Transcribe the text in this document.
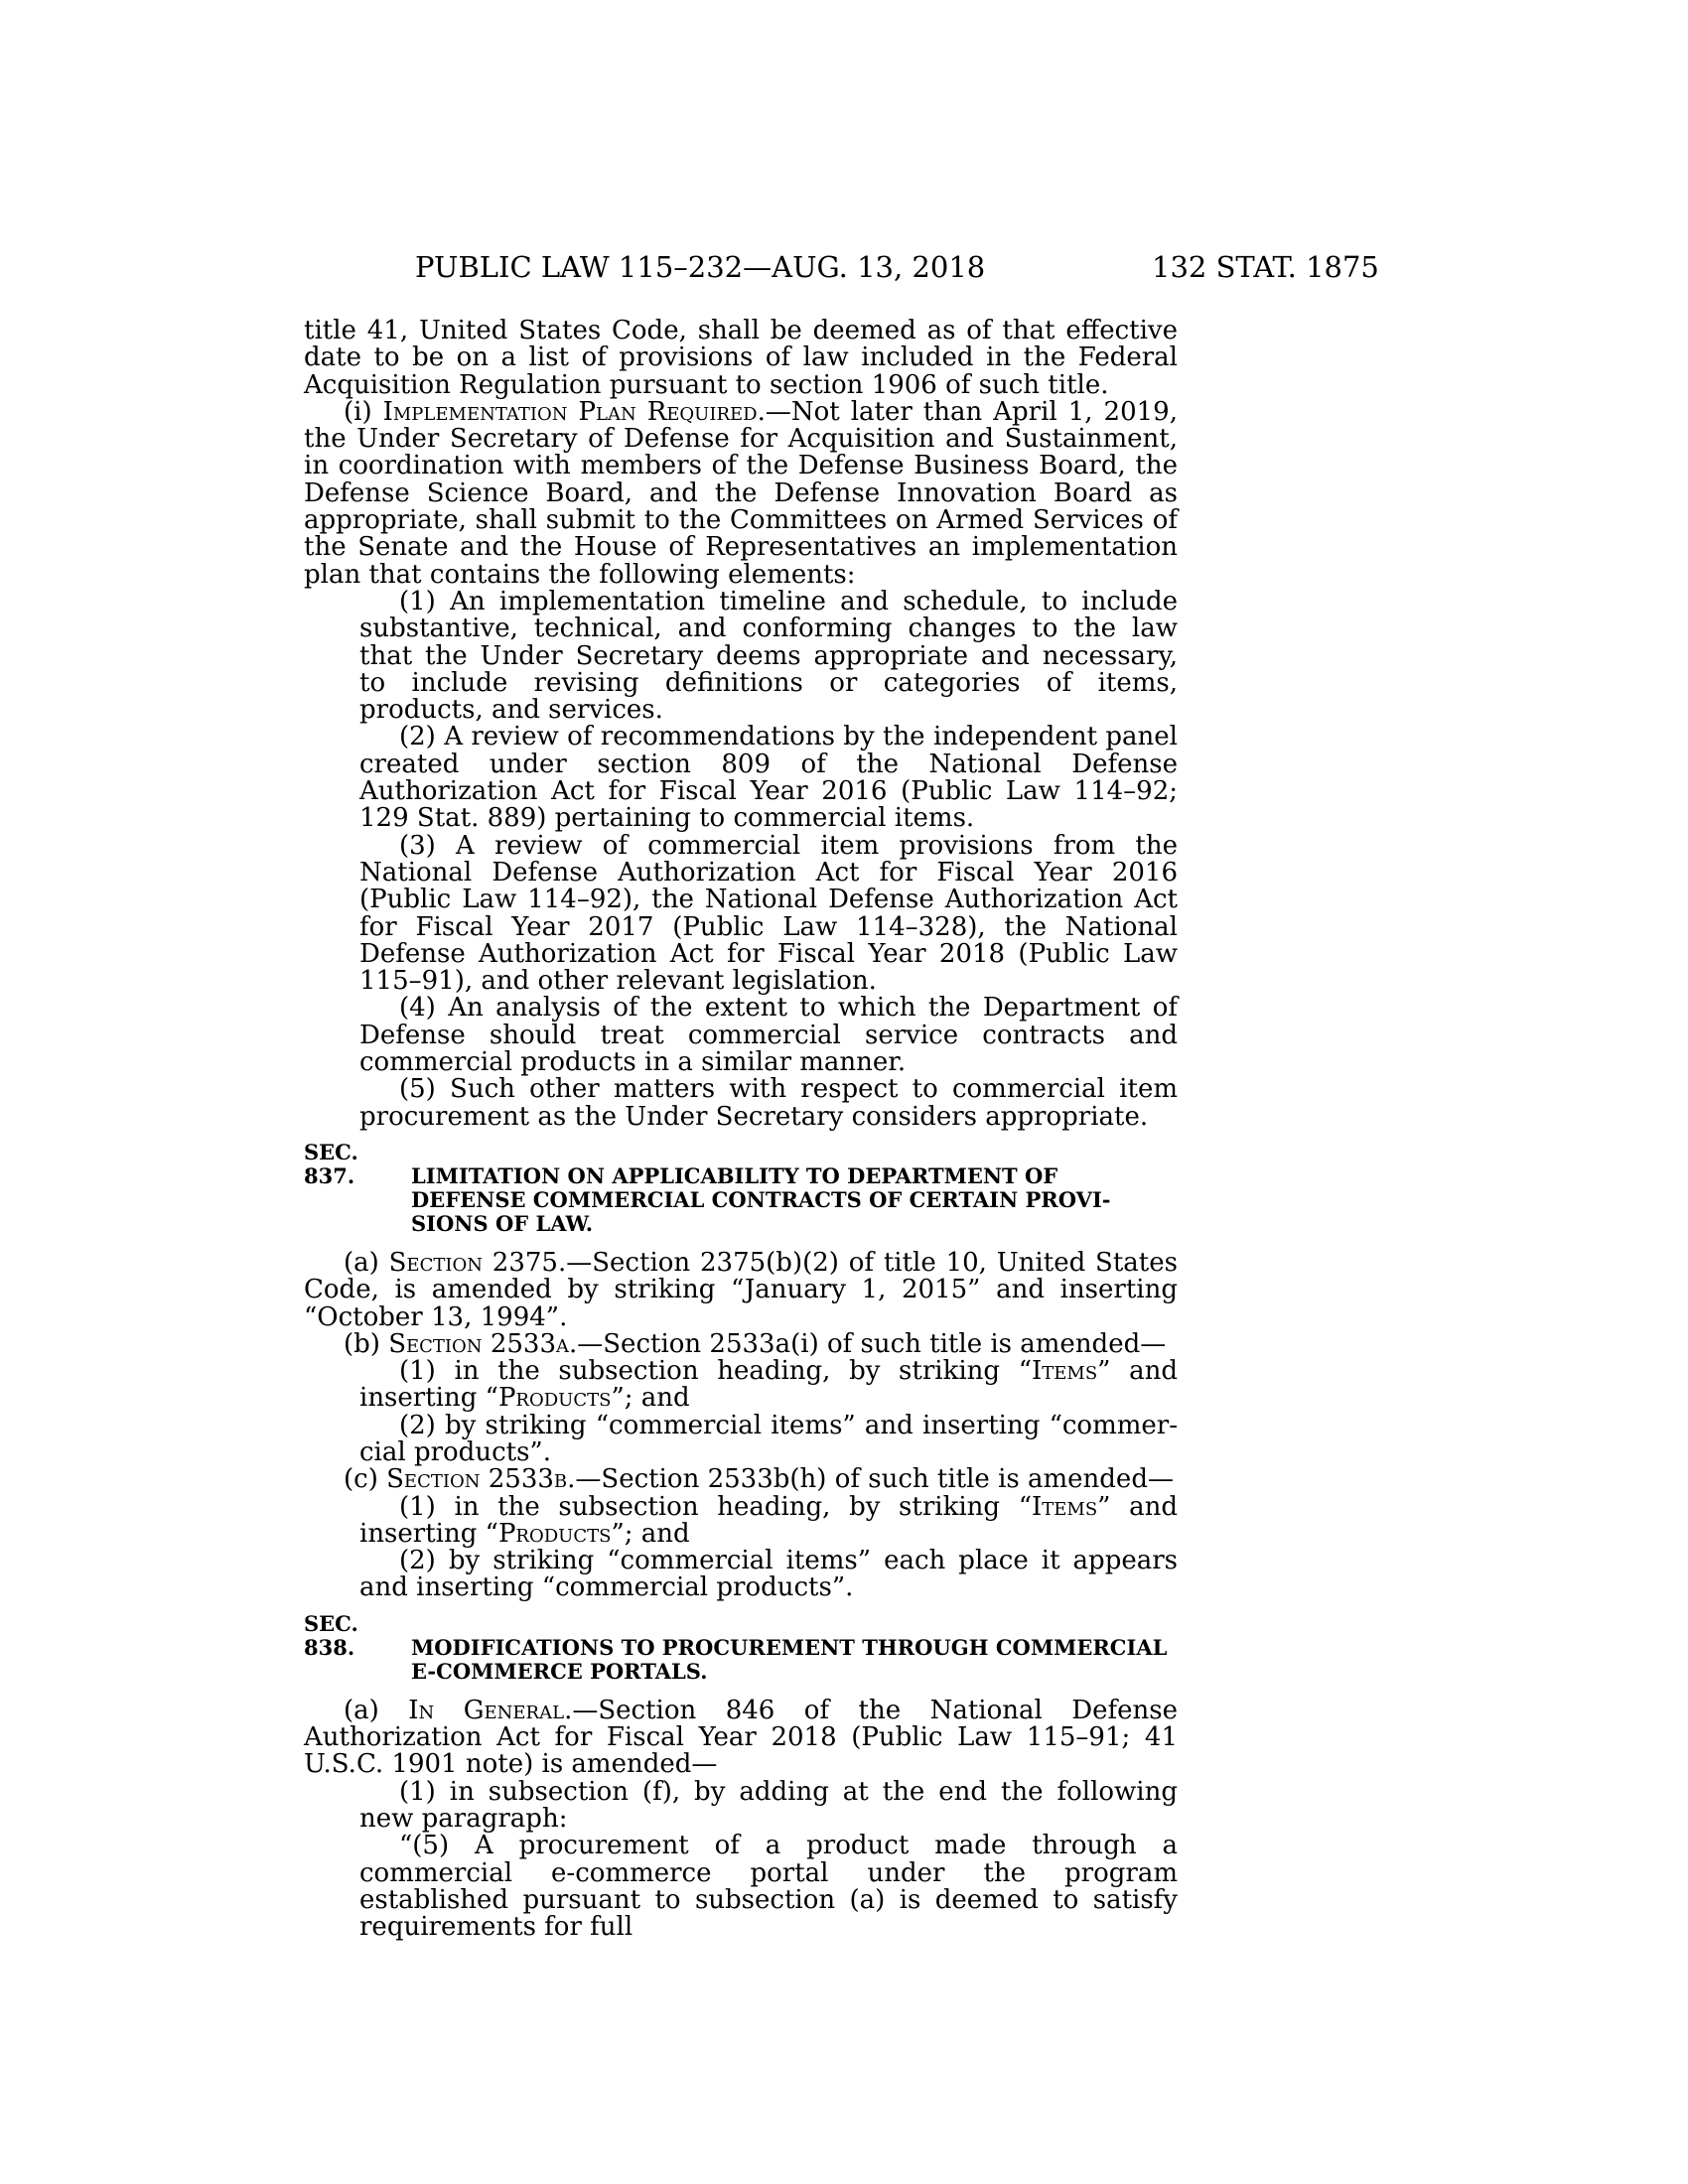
PUBLIC LAW 115–232—AUG. 13, 2018	132 STAT. 1875

title 41, United States Code, shall be deemed as of that effective date to be on a list of provisions of law included in the Federal Acquisition Regulation pursuant to section 1906 of such title.

(i) Implementation Plan Required.—Not later than April 1, 2019, the Under Secretary of Defense for Acquisition and Sustainment, in coordination with members of the Defense Business Board, the Defense Science Board, and the Defense Innovation Board as appropriate, shall submit to the Committees on Armed Services of the Senate and the House of Representatives an implementation plan that contains the following elements:

(1) An implementation timeline and schedule, to include substantive, technical, and conforming changes to the law that the Under Secretary deems appropriate and necessary, to include revising definitions or categories of items, products, and services.

(2) A review of recommendations by the independent panel created under section 809 of the National Defense Authorization Act for Fiscal Year 2016 (Public Law 114–92; 129 Stat. 889) pertaining to commercial items.

(3) A review of commercial item provisions from the National Defense Authorization Act for Fiscal Year 2016 (Public Law 114–92), the National Defense Authorization Act for Fiscal Year 2017 (Public Law 114–328), the National Defense Authorization Act for Fiscal Year 2018 (Public Law 115–91), and other relevant legislation.

(4) An analysis of the extent to which the Department of Defense should treat commercial service contracts and commercial products in a similar manner.

(5) Such other matters with respect to commercial item procurement as the Under Secretary considers appropriate.

SEC. 837.	LIMITATION ON APPLICABILITY TO DEPARTMENT OF DEFENSE COMMERCIAL CONTRACTS OF CERTAIN PROVI-SIONS OF LAW.

(a) Section 2375.—Section 2375(b)(2) of title 10, United States Code, is amended by striking “January 1, 2015” and inserting “October 13, 1994”.

(b) Section 2533a.—Section 2533a(i) of such title is amended—

(1) in the subsection heading, by striking “Items” and inserting “Products”; and

(2) by striking “commercial items” and inserting “commer-cial products”.

(c) Section 2533b.—Section 2533b(h) of such title is amended—

(1) in the subsection heading, by striking “Items” and inserting “Products”; and

(2) by striking “commercial items” each place it appears and inserting “commercial products”.

SEC. 838.	MODIFICATIONS TO PROCUREMENT THROUGH COMMERCIAL E-COMMERCE PORTALS.

(a) In General.—Section 846 of the National Defense Authorization Act for Fiscal Year 2018 (Public Law 115–91; 41 U.S.C. 1901 note) is amended—

(1) in subsection (f), by adding at the end the following new paragraph:

“(5) A procurement of a product made through a commercial e-commerce portal under the program established pursuant to subsection (a) is deemed to satisfy requirements for full
